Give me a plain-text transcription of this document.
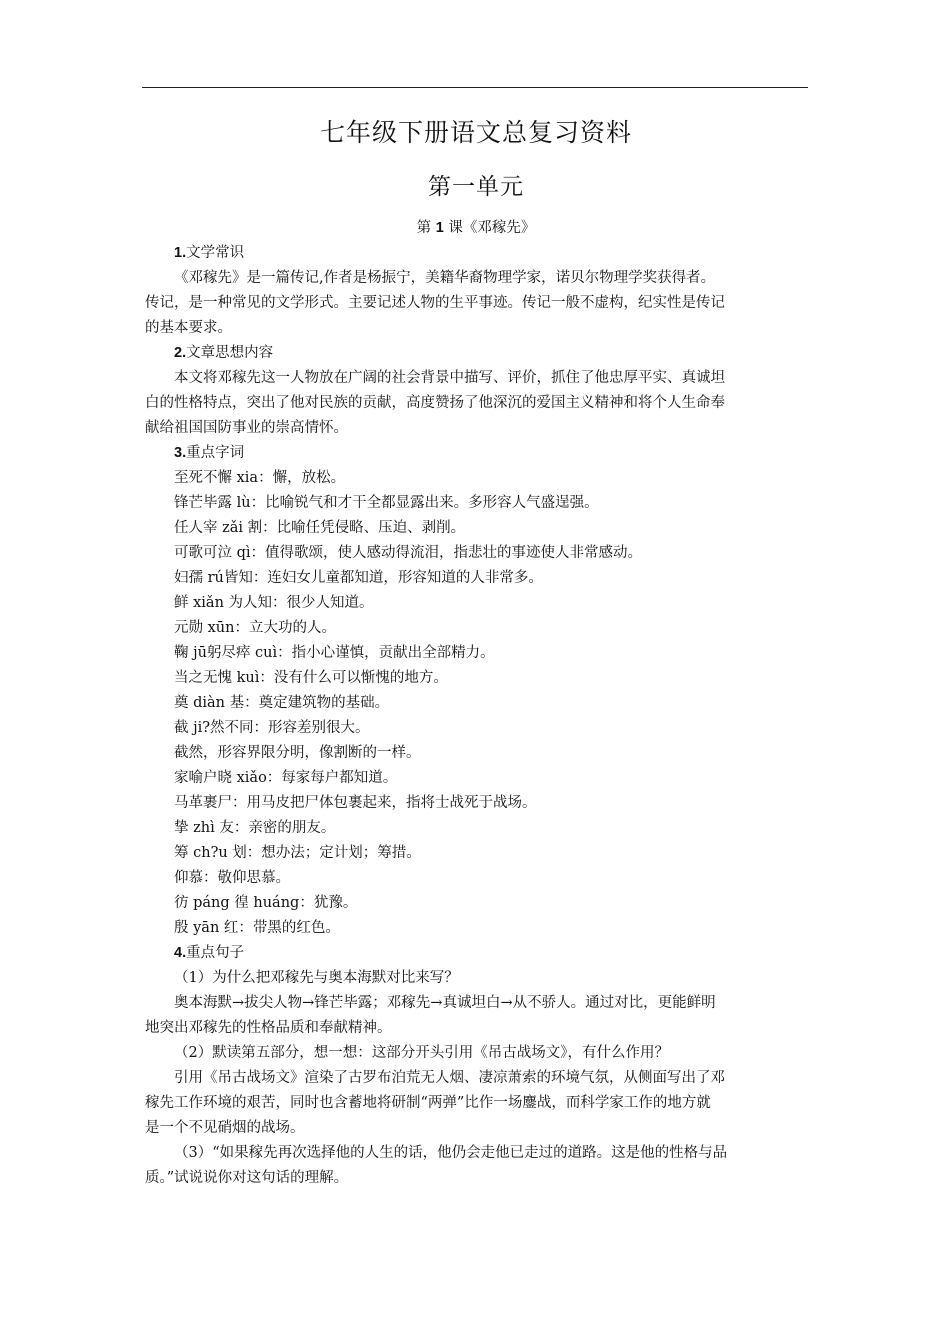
七年级下册语文总复习资料
第一单元
第 1 课《邓稼先》
1.文学常识
《邓稼先》是一篇传记,作者是杨振宁，美籍华裔物理学家，诺贝尔物理学奖获得者。
传记，是一种常见的文学形式。主要记述人物的生平事迹。传记一般不虚构，纪实性是传记
的基本要求。
2.文章思想内容
本文将邓稼先这一人物放在广阔的社会背景中描写、评价，抓住了他忠厚平实、真诚坦
白的性格特点，突出了他对民族的贡献，高度赞扬了他深沉的爱国主义精神和将个人生命奉
献给祖国国防事业的崇高情怀。
3.重点字词
至死不懈 xia：懈，放松。
锋芒毕露 lù：比喻锐气和才干全都显露出来。多形容人气盛逞强。
任人宰 zǎi 割：比喻任凭侵略、压迫、剥削。
可歌可泣 qì：值得歌颂，使人感动得流泪，指悲壮的事迹使人非常感动。
妇孺 rú皆知：连妇女儿童都知道，形容知道的人非常多。
鲜 xiǎn 为人知：很少人知道。
元勋 xūn：立大功的人。
鞠 jū躬尽瘁 cuì：指小心谨慎，贡献出全部精力。
当之无愧 kuì：没有什么可以惭愧的地方。
奠 diàn 基：奠定建筑物的基础。
截 ji?然不同：形容差别很大。
截然，形容界限分明，像割断的一样。
家喻户晓 xiǎo：每家每户都知道。
马革裹尸：用马皮把尸体包裹起来，指将士战死于战场。
挚 zhì 友：亲密的朋友。
筹 ch?u 划：想办法；定计划；筹措。
仰慕：敬仰思慕。
彷 páng 徨 huáng：犹豫。
殷 yān 红：带黑的红色。
4.重点句子
（1）为什么把邓稼先与奥本海默对比来写？
奥本海默→拔尖人物→锋芒毕露；邓稼先→真诚坦白→从不骄人。通过对比，更能鲜明
地突出邓稼先的性格品质和奉献精神。
（2）默读第五部分，想一想：这部分开头引用《吊古战场文》，有什么作用？
引用《吊古战场文》渲染了古罗布泊荒无人烟、凄凉萧索的环境气氛，从侧面写出了邓
稼先工作环境的艰苦，同时也含蓄地将研制“两弹”比作一场鏖战，而科学家工作的地方就
是一个不见硝烟的战场。
（3）“如果稼先再次选择他的人生的话，他仍会走他已走过的道路。这是他的性格与品
质。”试说说你对这句话的理解。
